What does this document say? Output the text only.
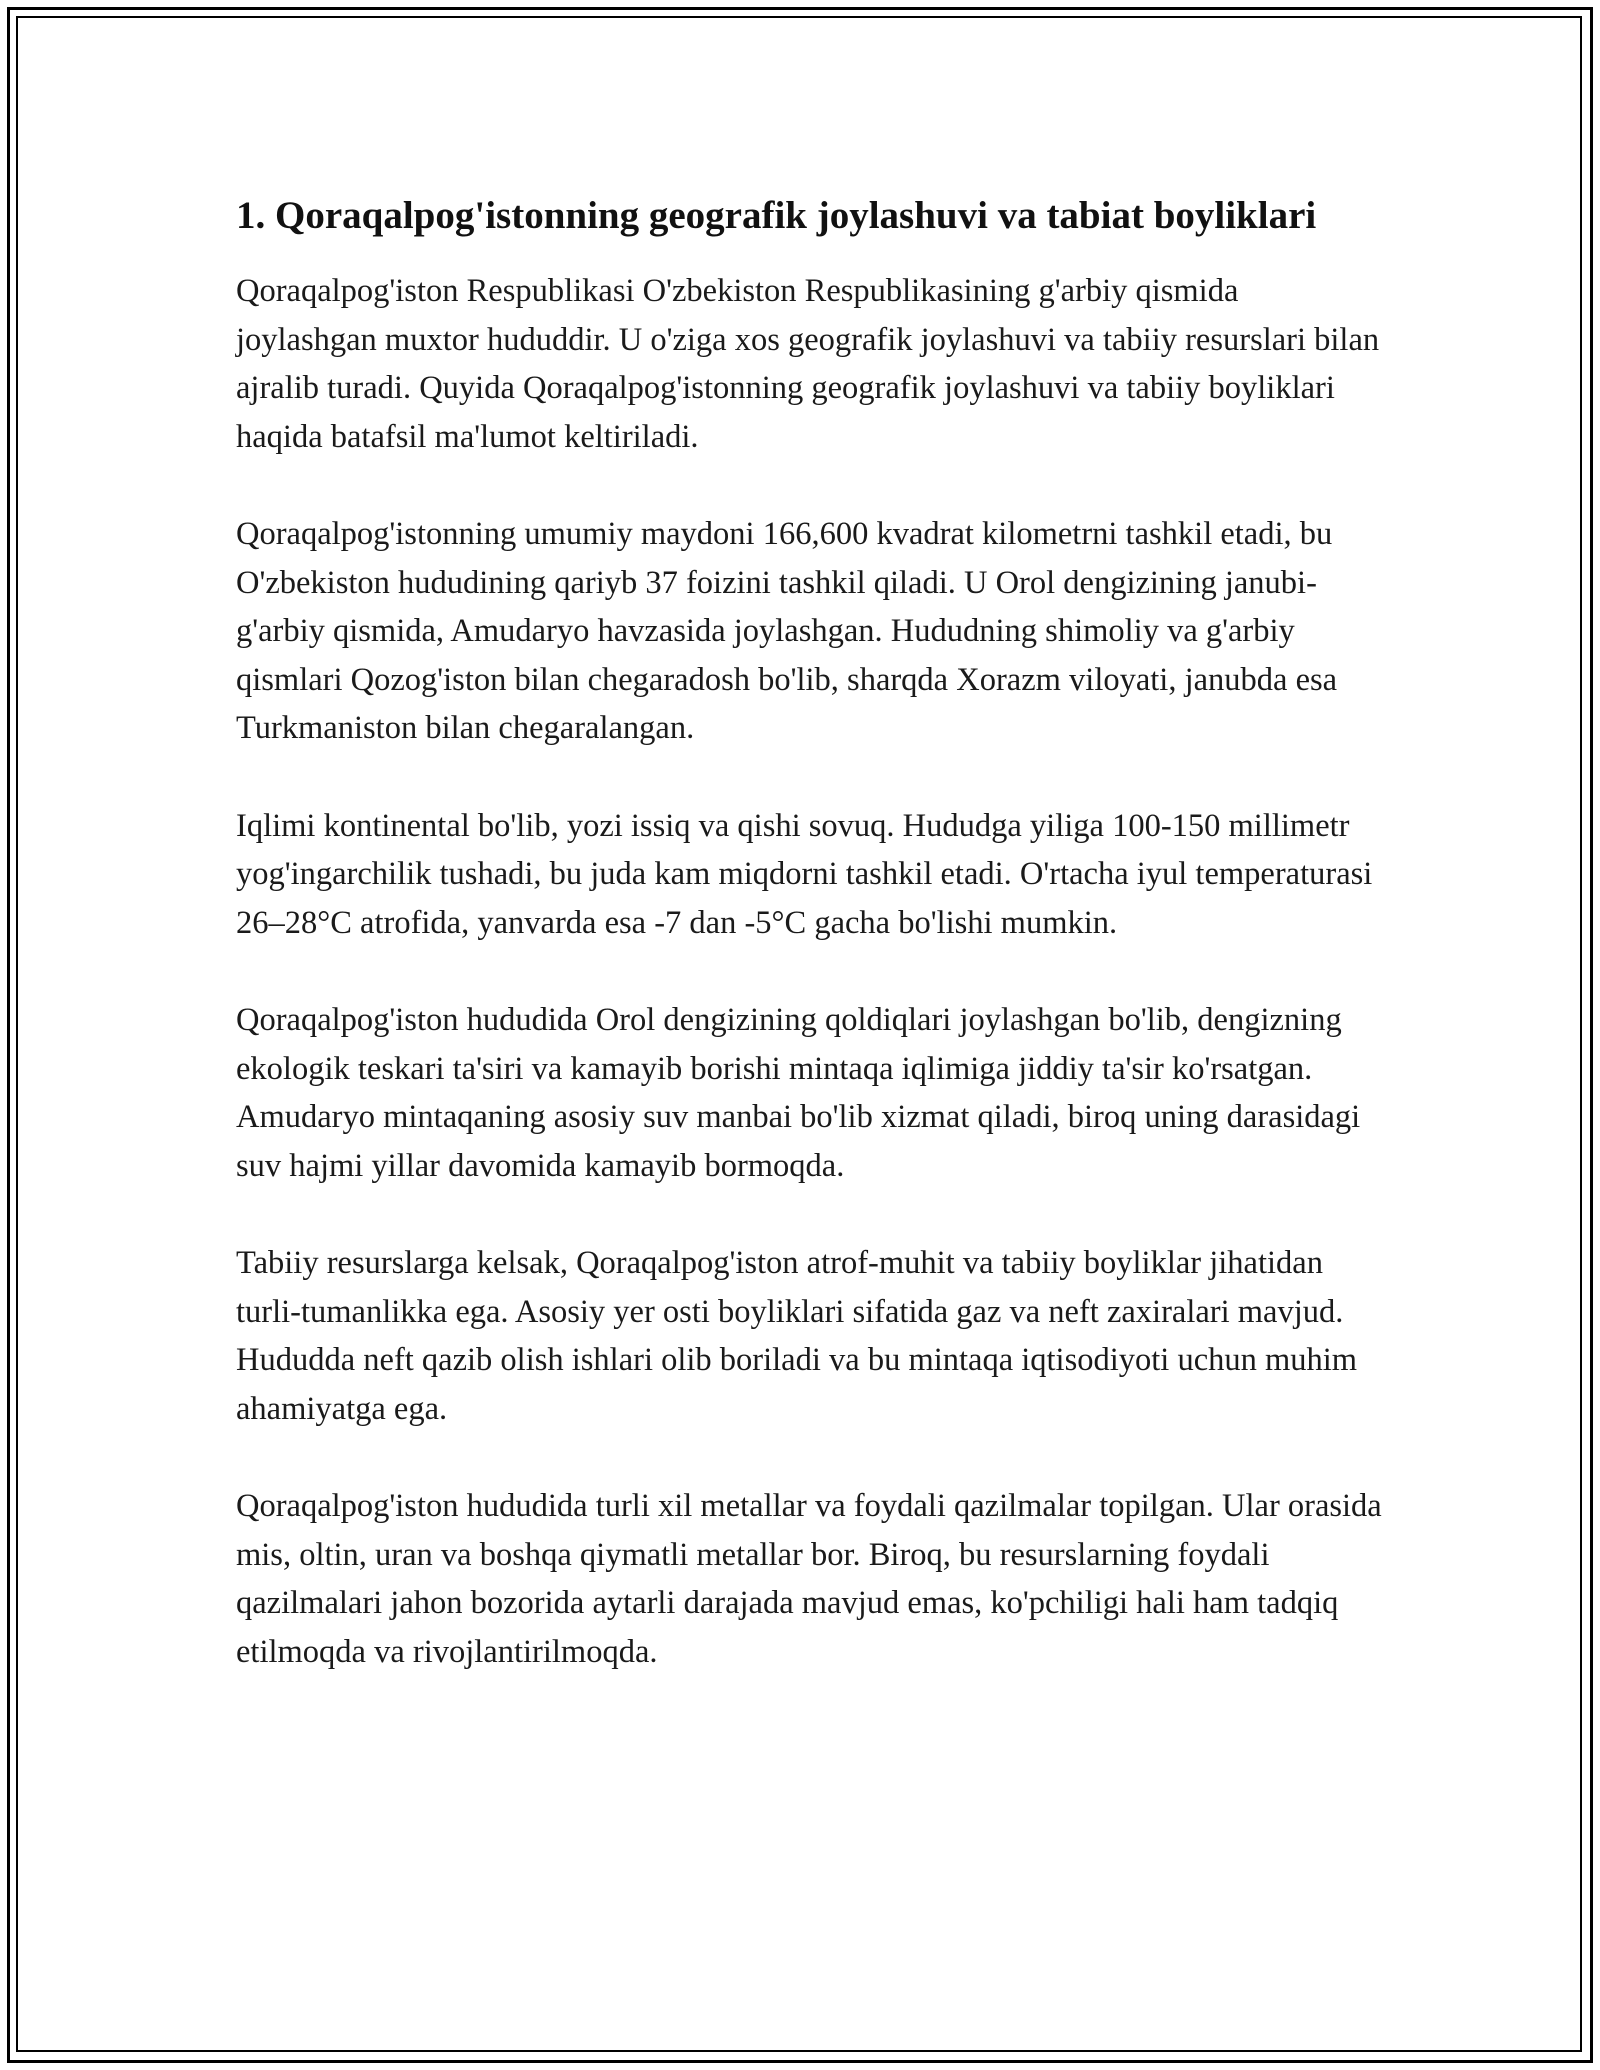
1. Qoraqalpog'istonning geografik joylashuvi va tabiat boyliklari

Qoraqalpog'iston Respublikasi O'zbekiston Respublikasining g'arbiy qismida joylashgan muxtor hududdir. U o'ziga xos geografik joylashuvi va tabiiy resurslari bilan ajralib turadi. Quyida Qoraqalpog'istonning geografik joylashuvi va tabiiy boyliklari haqida batafsil ma'lumot keltiriladi.

Qoraqalpog'istonning umumiy maydoni 166,600 kvadrat kilometrni tashkil etadi, bu O'zbekiston hududining qariyb 37 foizini tashkil qiladi. U Orol dengizining janubi-g'arbiy qismida, Amudaryo havzasida joylashgan. Hududning shimoliy va g'arbiy qismlari Qozog'iston bilan chegaradosh bo'lib, sharqda Xorazm viloyati, janubda esa Turkmaniston bilan chegaralangan.

Iqlimi kontinental bo'lib, yozi issiq va qishi sovuq. Hududga yiliga 100-150 millimetr yog'ingarchilik tushadi, bu juda kam miqdorni tashkil etadi. O'rtacha iyul temperaturasi 26–28°C atrofida, yanvarda esa -7 dan -5°C gacha bo'lishi mumkin.

Qoraqalpog'iston hududida Orol dengizining qoldiqlari joylashgan bo'lib, dengizning ekologik teskari ta'siri va kamayib borishi mintaqa iqlimiga jiddiy ta'sir ko'rsatgan. Amudaryo mintaqaning asosiy suv manbai bo'lib xizmat qiladi, biroq uning darasidagi suv hajmi yillar davomida kamayib bormoqda.

Tabiiy resurslarga kelsak, Qoraqalpog'iston atrof-muhit va tabiiy boyliklar jihatidan turli-tumanlikka ega. Asosiy yer osti boyliklari sifatida gaz va neft zaxiralari mavjud. Hududda neft qazib olish ishlari olib boriladi va bu mintaqa iqtisodiyoti uchun muhim ahamiyatga ega.

Qoraqalpog'iston hududida turli xil metallar va foydali qazilmalar topilgan. Ular orasida mis, oltin, uran va boshqa qiymatli metallar bor. Biroq, bu resurslarning foydali qazilmalari jahon bozorida aytarli darajada mavjud emas, ko'pchiligi hali ham tadqiq etilmoqda va rivojlantirilmoqda.
